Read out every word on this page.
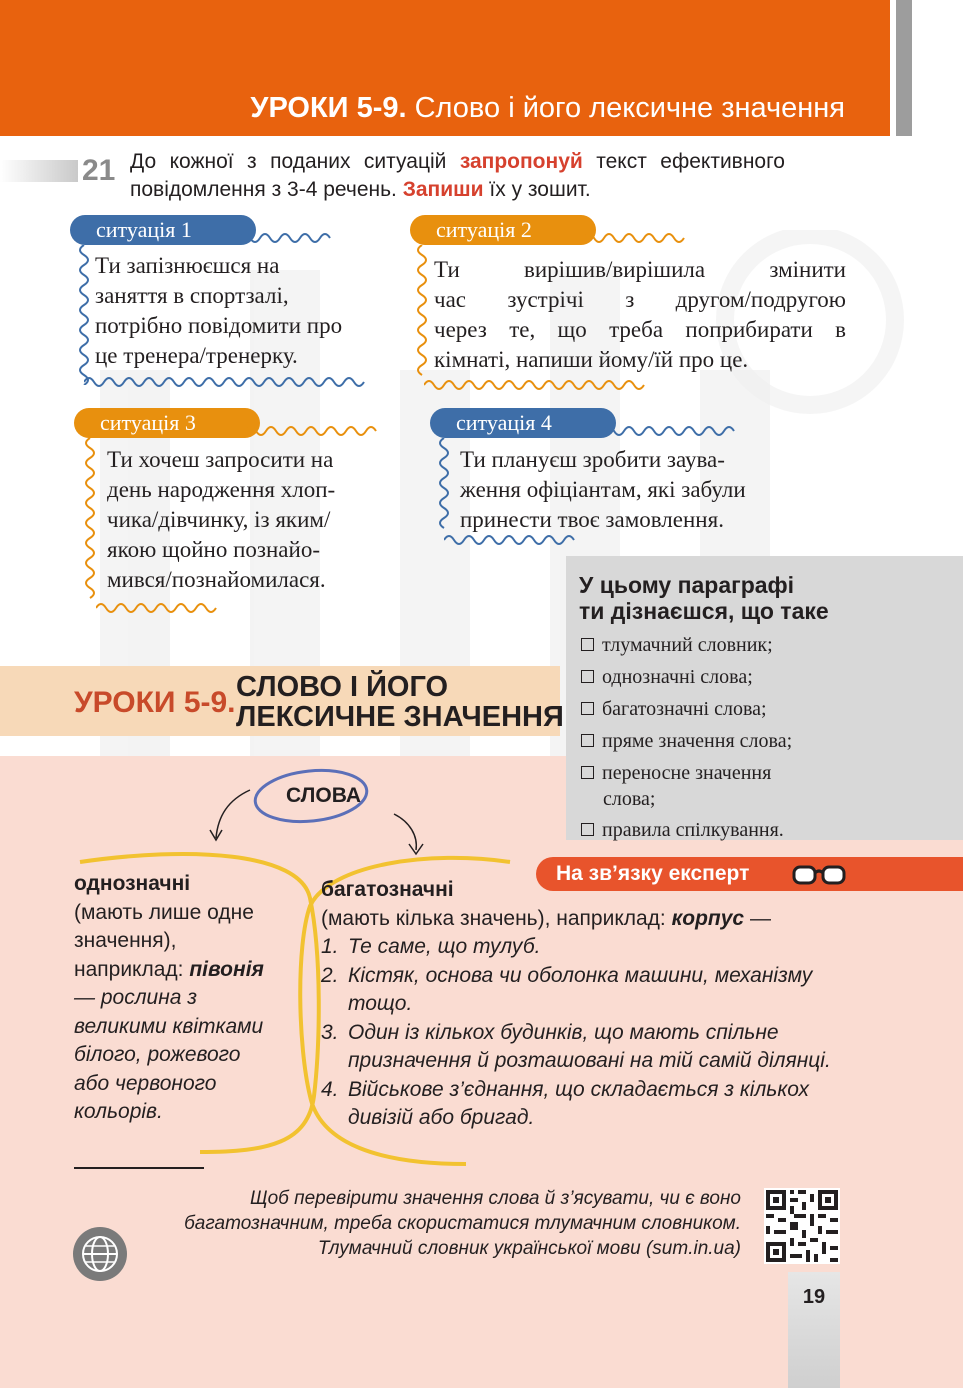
УРОКИ 5-9. Слово і його лексичне значення
21 До кожної з поданих ситуацій запропонуй текст ефективного повідомлення з 3-4 речень. Запиши їх у зошит.
ситуація 1
Ти запізнюєшся на
заняття в спортзалі,
потрібно повідомити про
це тренера/тренерку.
ситуація 2
Ти вирішив/вирішила змінити
час зустрічі з другом/подругою
через те, що треба поприбирати в
кімнаті, напиши йому/їй про це.
ситуація 3
Ти хочеш запросити на
день народження хлоп-
чика/дівчинку, із яким/
якою щойно познайо-
мився/познайомилася.
ситуація 4
Ти плануєш зробити заува-
ження офіціантам, які забули
принести твоє замовлення.
УРОКИ 5-9. СЛОВО І ЙОГО
ЛЕКСИЧНЕ ЗНАЧЕННЯ
У цьому параграфі
ти дізнаєшся, що таке
тлумачний словник;
однозначні слова;
багатозначні слова;
пряме значення слова;
переносне значення
слова;
правила спілкування.
На зв’язку експерт
СЛОВА
однозначні
(мають лише одне значення), наприклад: півонія — рослина з великими квітками білого, рожевого або червоного кольорів.
багатозначні
(мають кілька значень), наприклад: корпус —
1. Те саме, що тулуб.
2. Кістяк, основа чи оболонка машини, механізму тощо.
3. Один із кількох будинків, що мають спільне призначення й розташовані на тій самій ділянці.
4. Військове з’єднання, що складається з кількох дивізій або бригад.
Щоб перевірити значення слова й з’ясувати, чи є воно
багатозначним, треба скористатися тлумачним словником.
Тлумачний словник української мови (sum.in.ua)
19
